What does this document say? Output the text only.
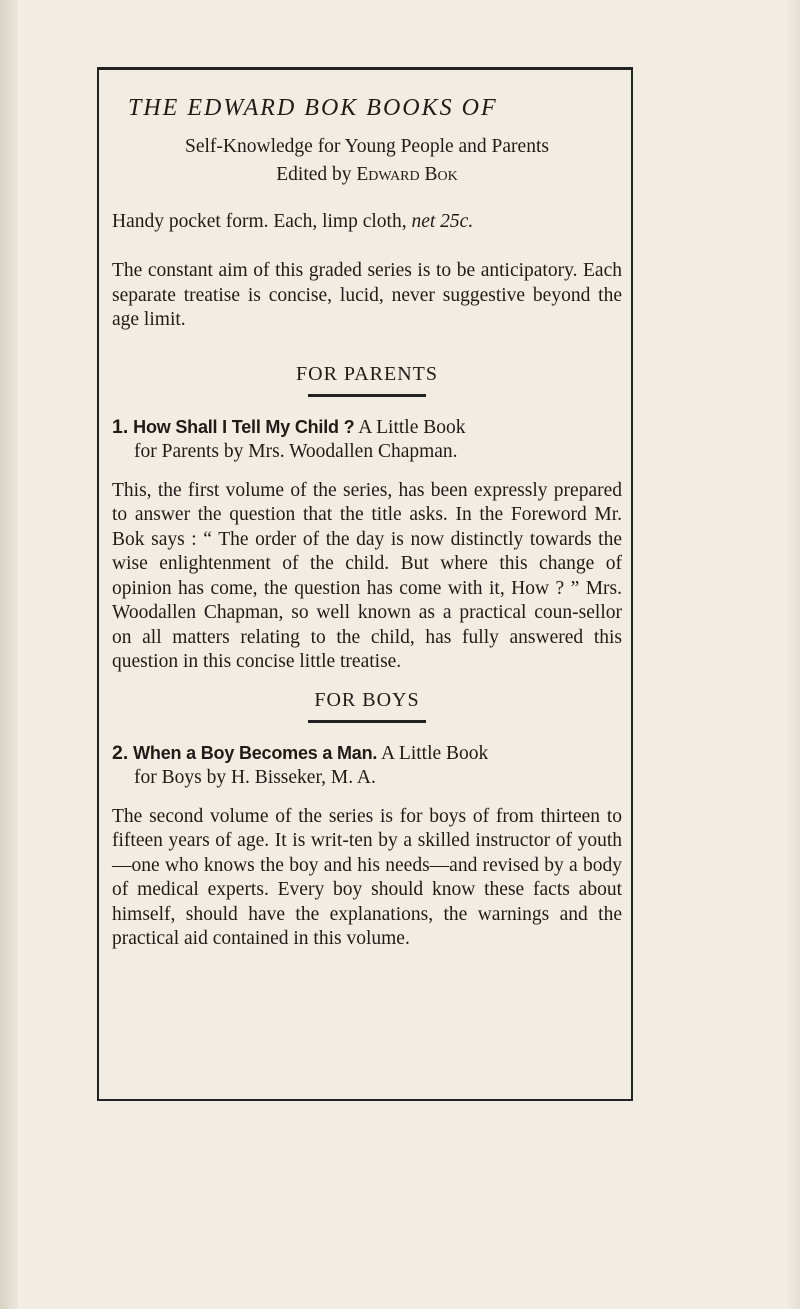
THE EDWARD BOK BOOKS OF

Self-Knowledge for Young People and Parents

Edited by Edward Bok

Handy pocket form. Each, limp cloth, net 25c.

The constant aim of this graded series is to be anticipatory. Each separate treatise is concise, lucid, never suggestive beyond the age limit.

FOR PARENTS

1. How Shall I Tell My Child ? A Little Book

for Parents by Mrs. Woodallen Chapman.

This, the first volume of the series, has been expressly prepared to answer the question that the title asks. In the Foreword Mr. Bok says : “ The order of the day is now distinctly towards the wise enlightenment of the child. But where this change of opinion has come, the question has come with it, How ? ” Mrs. Woodallen Chapman, so well known as a practical coun-sellor on all matters relating to the child, has fully answered this question in this concise little treatise.

FOR BOYS

2. When a Boy Becomes a Man. A Little Book

for Boys by H. Bisseker, M. A.

The second volume of the series is for boys of from thirteen to fifteen years of age. It is writ-ten by a skilled instructor of youth—one who knows the boy and his needs—and revised by a body of medical experts. Every boy should know these facts about himself, should have the explanations, the warnings and the practical aid contained in this volume.
